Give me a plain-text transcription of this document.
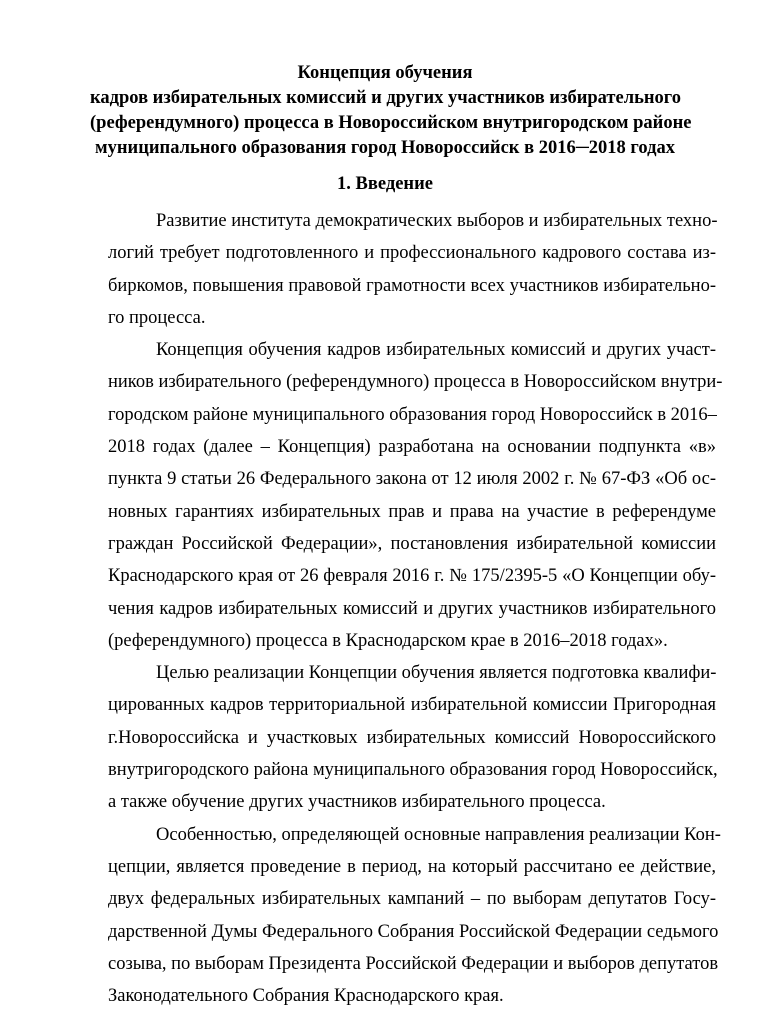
Концепция обучения
кадров избирательных комиссий и других участников избирательного
(референдумного) процесса в Новороссийском внутригородском районе
муниципального образования город Новороссийск в 2016─2018 годах
1. Введение
Развитие института демократических выборов и избирательных техно-
логий требует подготовленного и профессионального кадрового состава из-
биркомов, повышения правовой грамотности всех участников избирательно-
го процесса.
Концепция обучения кадров избирательных комиссий и других участ-
ников избирательного (референдумного) процесса в Новороссийском внутри-
городском районе муниципального образования город Новороссийск в 2016–
2018 годах (далее – Концепция) разработана на основании подпункта «в»
пункта 9 статьи 26 Федерального закона от 12 июля 2002 г. № 67-ФЗ «Об ос-
новных гарантиях избирательных прав и права на участие в референдуме
граждан Российской Федерации», постановления избирательной комиссии
Краснодарского края от 26 февраля 2016 г. № 175/2395-5 «О Концепции обу-
чения кадров избирательных комиссий и других участников избирательного
(референдумного) процесса в Краснодарском крае в 2016–2018 годах».
Целью реализации Концепции обучения является подготовка квалифи-
цированных кадров территориальной избирательной комиссии Пригородная
г.Новороссийска и участковых избирательных комиссий Новороссийского
внутригородского района муниципального образования город Новороссийск,
а также обучение других участников избирательного процесса.
Особенностью, определяющей основные направления реализации Кон-
цепции, является проведение в период, на который рассчитано ее действие,
двух федеральных избирательных кампаний – по выборам депутатов Госу-
дарственной Думы Федерального Собрания Российской Федерации седьмого
созыва, по выборам Президента Российской Федерации и выборов депутатов
Законодательного Собрания Краснодарского края.
